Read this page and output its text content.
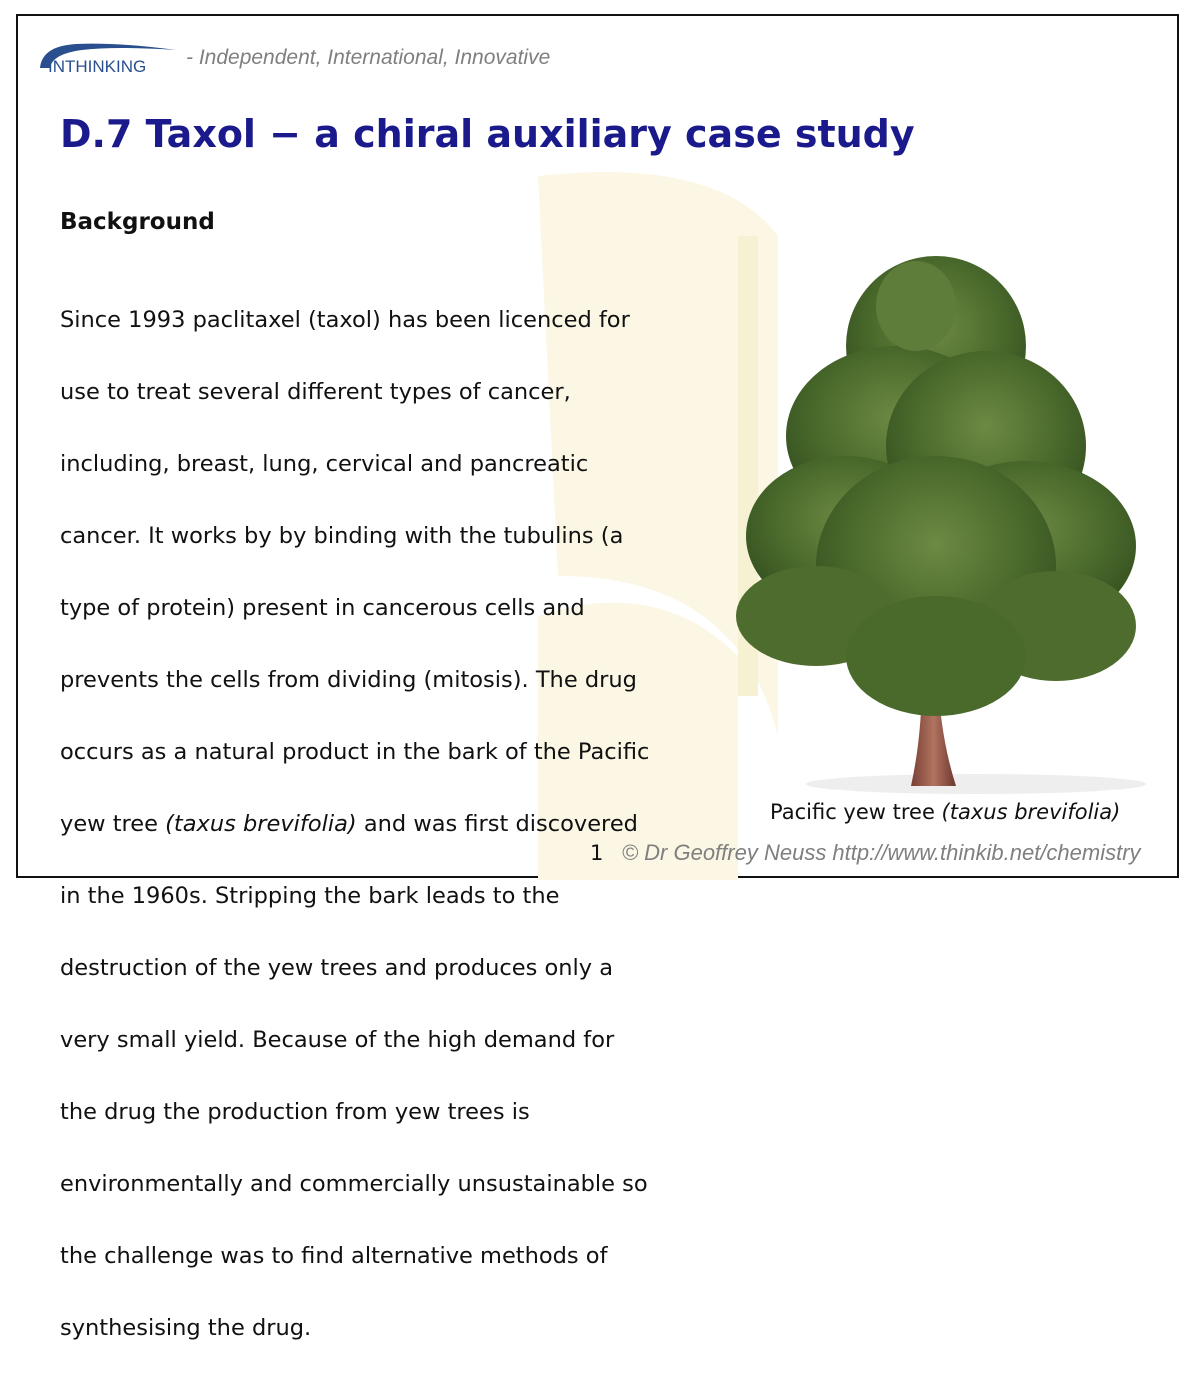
INTHINKING - Independent, International, Innovative
D.7 Taxol − a chiral auxiliary case study
Background

Since 1993 paclitaxel (taxol) has been licenced for

use to treat several different types of cancer,

including, breast, lung, cervical and pancreatic

cancer. It works by by binding with the tubulins (a

type of protein) present in cancerous cells and

prevents the cells from dividing (mitosis). The drug

occurs as a natural product in the bark of the Pacific

yew tree (taxus brevifolia) and was first discovered

in the 1960s. Stripping the bark leads to the

destruction of the yew trees and produces only a

very small yield. Because of the high demand for

the drug the production from yew trees is

environmentally and commercially unsustainable so

the challenge was to find alternative methods of

synthesising the drug.

Pacific yew tree (taxus brevifolia)
1 © Dr Geoffrey Neuss http://www.thinkib.net/chemistry
